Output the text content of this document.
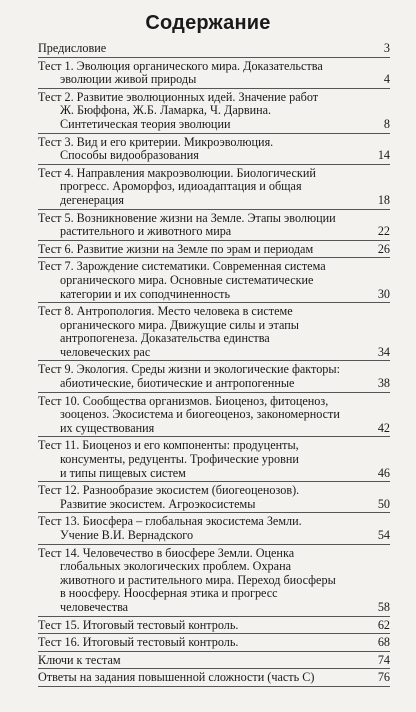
Содержание
Предисловие	3
Тест 1. Эволюция органического мира. Доказательства
эволюции живой природы	4
Тест 2. Развитие эволюционных идей. Значение работ
Ж. Бюффона, Ж.Б. Ламарка, Ч. Дарвина.
Синтетическая теория эволюции	8
Тест 3. Вид и его критерии. Микроэволюция.
Способы видообразования	14
Тест 4. Направления макроэволюции. Биологический
прогресс. Ароморфоз, идиоадаптация и общая
дегенерация	18
Тест 5. Возникновение жизни на Земле. Этапы эволюции
растительного и животного мира	22
Тест 6. Развитие жизни на Земле по эрам и периодам	26
Тест 7. Зарождение систематики. Современная система
органического мира. Основные систематические
категории и их соподчиненность	30
Тест 8. Антропология. Место человека в системе
органического мира. Движущие силы и этапы
антропогенеза. Доказательства единства
человеческих рас	34
Тест 9. Экология. Среды жизни и экологические факторы:
абиотические, биотические и антропогенные	38
Тест 10. Сообщества организмов. Биоценоз, фитоценоз,
зооценоз. Экосистема и биогеоценоз, закономерности
их существования	42
Тест 11. Биоценоз и его компоненты: продуценты,
консументы, редуценты. Трофические уровни
и типы пищевых систем	46
Тест 12. Разнообразие экосистем (биогеоценозов).
Развитие экосистем. Агроэкосистемы	50
Тест 13. Биосфера – глобальная экосистема Земли.
Учение В.И. Вернадского	54
Тест 14. Человечество в биосфере Земли. Оценка
глобальных экологических проблем. Охрана
животного и растительного мира. Переход биосферы
в ноосферу. Ноосферная этика и прогресс
человечества	58
Тест 15. Итоговый тестовый контроль.	62
Тест 16. Итоговый тестовый контроль.	68
Ключи к тестам	74
Ответы на задания повышенной сложности (часть С)	76
